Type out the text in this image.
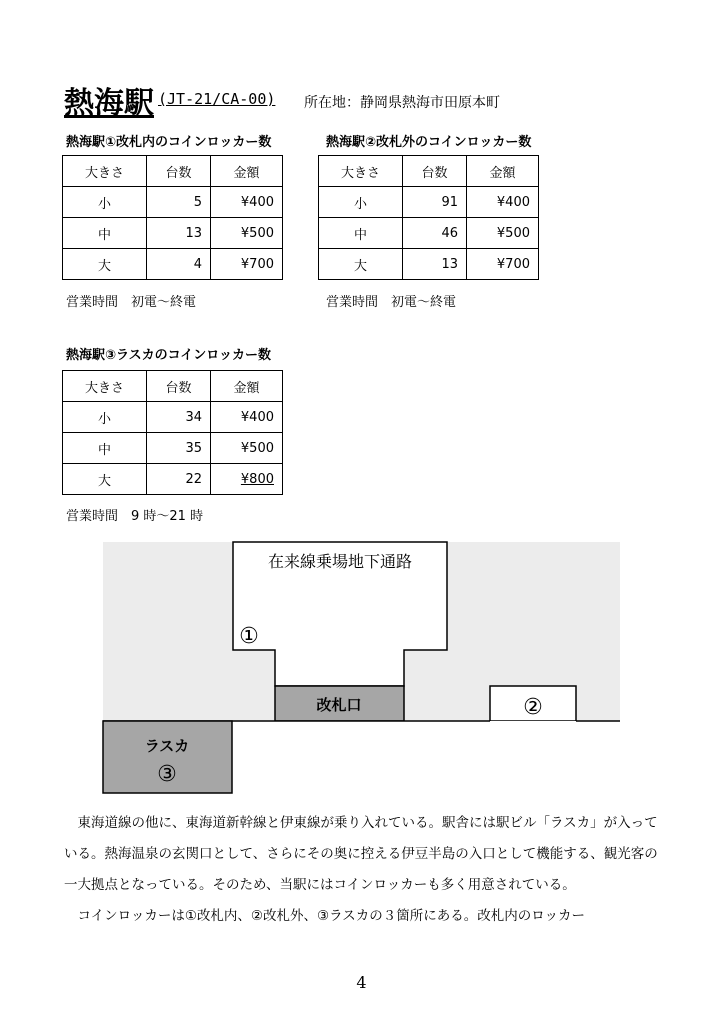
熱海駅 (JT-21/CA-00) 所在地：静岡県熱海市田原本町
熱海駅①改札内のコインロッカー数
大きさ	台数	金額
小	5	¥400
中	13	¥500
大	4	¥700
営業時間　初電～終電
熱海駅②改札外のコインロッカー数
大きさ	台数	金額
小	91	¥400
中	46	¥500
大	13	¥700
営業時間　初電～終電
熱海駅③ラスカのコインロッカー数
大きさ	台数	金額
小	34	¥400
中	35	¥500
大	22	¥800
営業時間　9 時～21 時
在来線乗場地下通路
①
改札口	②
ラスカ
③

東海道線の他に、東海道新幹線と伊東線が乗り入れている。駅舎には駅ビル「ラスカ」が入っている。熱海温泉の玄関口として、さらにその奥に控える伊豆半島の入口として機能する、観光客の一大拠点となっている。そのため、当駅にはコインロッカーも多く用意されている。

コインロッカーは①改札内、②改札外、③ラスカの３箇所にある。改札内のロッカー

4
